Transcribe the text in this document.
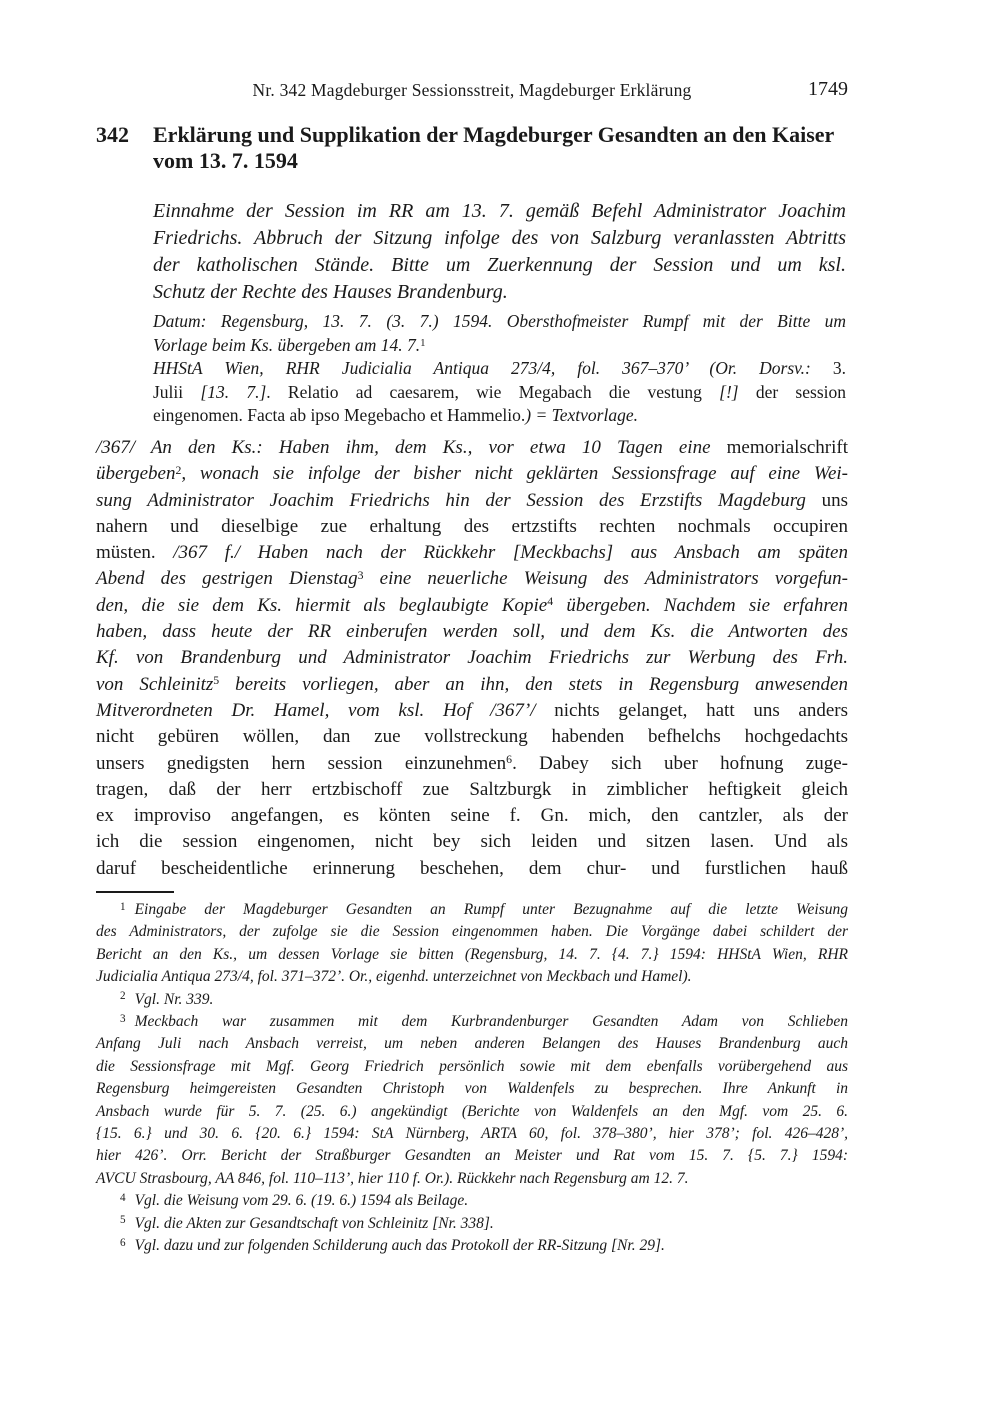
Nr. 342 Magdeburger Sessionsstreit, Magdeburger Erklärung	1749
342	Erklärung und Supplikation der Magdeburger Gesandten an den Kaiser
vom 13. 7. 1594
Einnahme der Session im RR am 13. 7. gemäß Befehl Administrator Joachim
Friedrichs. Abbruch der Sitzung infolge des von Salzburg veranlassten Abtritts
der katholischen Stände. Bitte um Zuerkennung der Session und um ksl.
Schutz der Rechte des Hauses Brandenburg.
Datum: Regensburg, 13. 7. (3. 7.) 1594. Obersthofmeister Rumpf mit der Bitte um
Vorlage beim Ks. übergeben am 14. 7.$^1$
HHStA Wien, RHR Judicialia Antiqua 273/4, fol. 367–370’ (Or. Dorsv.: 3.
Julii [13. 7.]. Relatio ad caesarem, wie Megabach die vestung [!] der session
eingenomen. Facta ab ipso Megebacho et Hammelio.) = Textvorlage.
/367/ An den Ks.: Haben ihm, dem Ks., vor etwa 10 Tagen eine memorialschrift
übergeben$^2$, wonach sie infolge der bisher nicht geklärten Sessionsfrage auf eine Wei-
sung Administrator Joachim Friedrichs hin der Session des Erzstifts Magdeburg uns
nahern und dieselbige zue erhaltung des ertzstifts rechten nochmals occupiren
müsten. /367 f./ Haben nach der Rückkehr [Meckbachs] aus Ansbach am späten
Abend des gestrigen Dienstag$^3$ eine neuerliche Weisung des Administrators vorgefun-
den, die sie dem Ks. hiermit als beglaubigte Kopie$^4$ übergeben. Nachdem sie erfahren
haben, dass heute der RR einberufen werden soll, und dem Ks. die Antworten des
Kf. von Brandenburg und Administrator Joachim Friedrichs zur Werbung des Frh.
von Schleinitz$^5$ bereits vorliegen, aber an ihn, den stets in Regensburg anwesenden
Mitverordneten Dr. Hamel, vom ksl. Hof /367’/ nichts gelanget, hatt uns anders
nicht gebüren wöllen, dan zue vollstreckung habenden befhelchs hochgedachts
unsers gnedigsten hern session einzunehmen$^6$. Dabey sich uber hofnung zuge-
tragen, daß der herr ertzbischoff zue Saltzburgk in zimblicher heftigkeit gleich
ex improviso angefangen, es könten seine f. Gn. mich, den cantzler, als der
ich die session eingenomen, nicht bey sich leiden und sitzen lasen. Und als
daruf bescheidentliche erinnerung beschehen, dem chur- und furstlichen hauß
$^1$ Eingabe der Magdeburger Gesandten an Rumpf unter Bezugnahme auf die letzte Weisung
des Administrators, der zufolge sie die Session eingenommen haben. Die Vorgänge dabei schildert der
Bericht an den Ks., um dessen Vorlage sie bitten (Regensburg, 14. 7. {4. 7.} 1594: HHStA Wien, RHR
Judicialia Antiqua 273/4, fol. 371–372’. Or., eigenhd. unterzeichnet von Meckbach und Hamel).
$^2$ Vgl. Nr. 339.
$^3$ Meckbach war zusammen mit dem Kurbrandenburger Gesandten Adam von Schlieben
Anfang Juli nach Ansbach verreist, um neben anderen Belangen des Hauses Brandenburg auch
die Sessionsfrage mit Mgf. Georg Friedrich persönlich sowie mit dem ebenfalls vorübergehend aus
Regensburg heimgereisten Gesandten Christoph von Waldenfels zu besprechen. Ihre Ankunft in
Ansbach wurde für 5. 7. (25. 6.) angekündigt (Berichte von Waldenfels an den Mgf. vom 25. 6.
{15. 6.} und 30. 6. {20. 6.} 1594: StA Nürnberg, ARTA 60, fol. 378–380’, hier 378’; fol. 426–428’,
hier 426’. Orr. Bericht der Straßburger Gesandten an Meister und Rat vom 15. 7. {5. 7.} 1594:
AVCU Strasbourg, AA 846, fol. 110–113’, hier 110 f. Or.). Rückkehr nach Regensburg am 12. 7.
$^4$ Vgl. die Weisung vom 29. 6. (19. 6.) 1594 als Beilage.
$^5$ Vgl. die Akten zur Gesandtschaft von Schleinitz [Nr. 338].
$^6$ Vgl. dazu und zur folgenden Schilderung auch das Protokoll der RR-Sitzung [Nr. 29].
